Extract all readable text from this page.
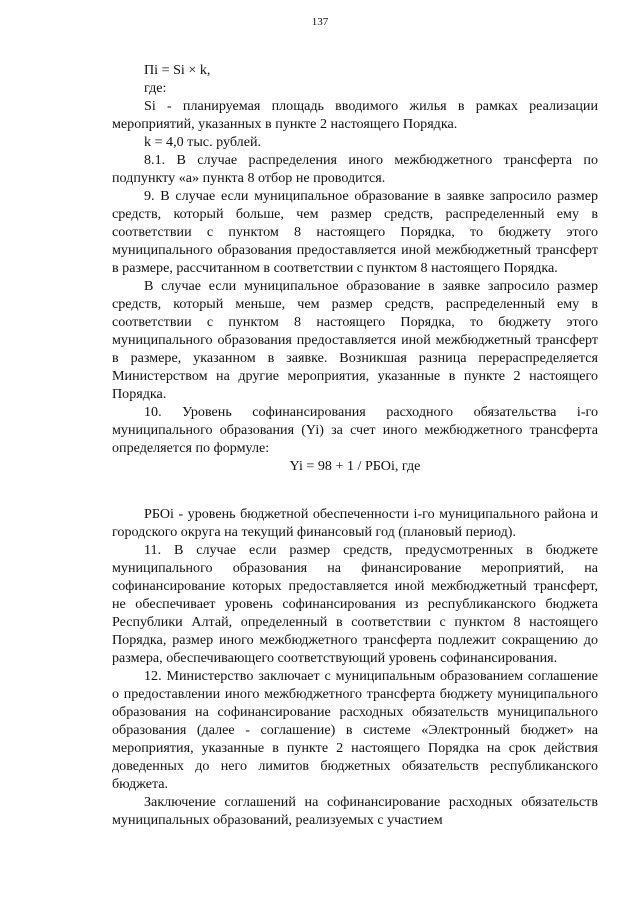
137

Пi = Si × k,

где:

Si - планируемая площадь вводимого жилья в рамках реализации мероприятий, указанных в пункте 2 настоящего Порядка.

k = 4,0 тыс. рублей.

8.1. В случае распределения иного межбюджетного трансферта по подпункту «а» пункта 8 отбор не проводится.

9. В случае если муниципальное образование в заявке запросило размер средств, который больше, чем размер средств, распределенный ему в соответствии с пунктом 8 настоящего Порядка, то бюджету этого муниципального образования предоставляется иной межбюджетный трансферт в размере, рассчитанном в соответствии с пунктом 8 настоящего Порядка.

В случае если муниципальное образование в заявке запросило размер средств, который меньше, чем размер средств, распределенный ему в соответствии с пунктом 8 настоящего Порядка, то бюджету этого муниципального образования предоставляется иной межбюджетный трансферт в размере, указанном в заявке. Возникшая разница перераспределяется Министерством на другие мероприятия, указанные в пункте 2 настоящего Порядка.

10. Уровень софинансирования расходного обязательства i-го муниципального образования (Yi) за счет иного межбюджетного трансферта определяется по формуле:

Yi = 98 + 1 / РБОi, где

РБОi - уровень бюджетной обеспеченности i-го муниципального района и городского округа на текущий финансовый год (плановый период).

11. В случае если размер средств, предусмотренных в бюджете муниципального образования на финансирование мероприятий, на софинансирование которых предоставляется иной межбюджетный трансферт, не обеспечивает уровень софинансирования из республиканского бюджета Республики Алтай, определенный в соответствии с пунктом 8 настоящего Порядка, размер иного межбюджетного трансферта подлежит сокращению до размера, обеспечивающего соответствующий уровень софинансирования.

12. Министерство заключает с муниципальным образованием соглашение о предоставлении иного межбюджетного трансферта бюджету муниципального образования на софинансирование расходных обязательств муниципального образования (далее - соглашение) в системе «Электронный бюджет» на мероприятия, указанные в пункте 2 настоящего Порядка на срок действия доведенных до него лимитов бюджетных обязательств республиканского бюджета.

Заключение соглашений на софинансирование расходных обязательств муниципальных образований, реализуемых с участием
